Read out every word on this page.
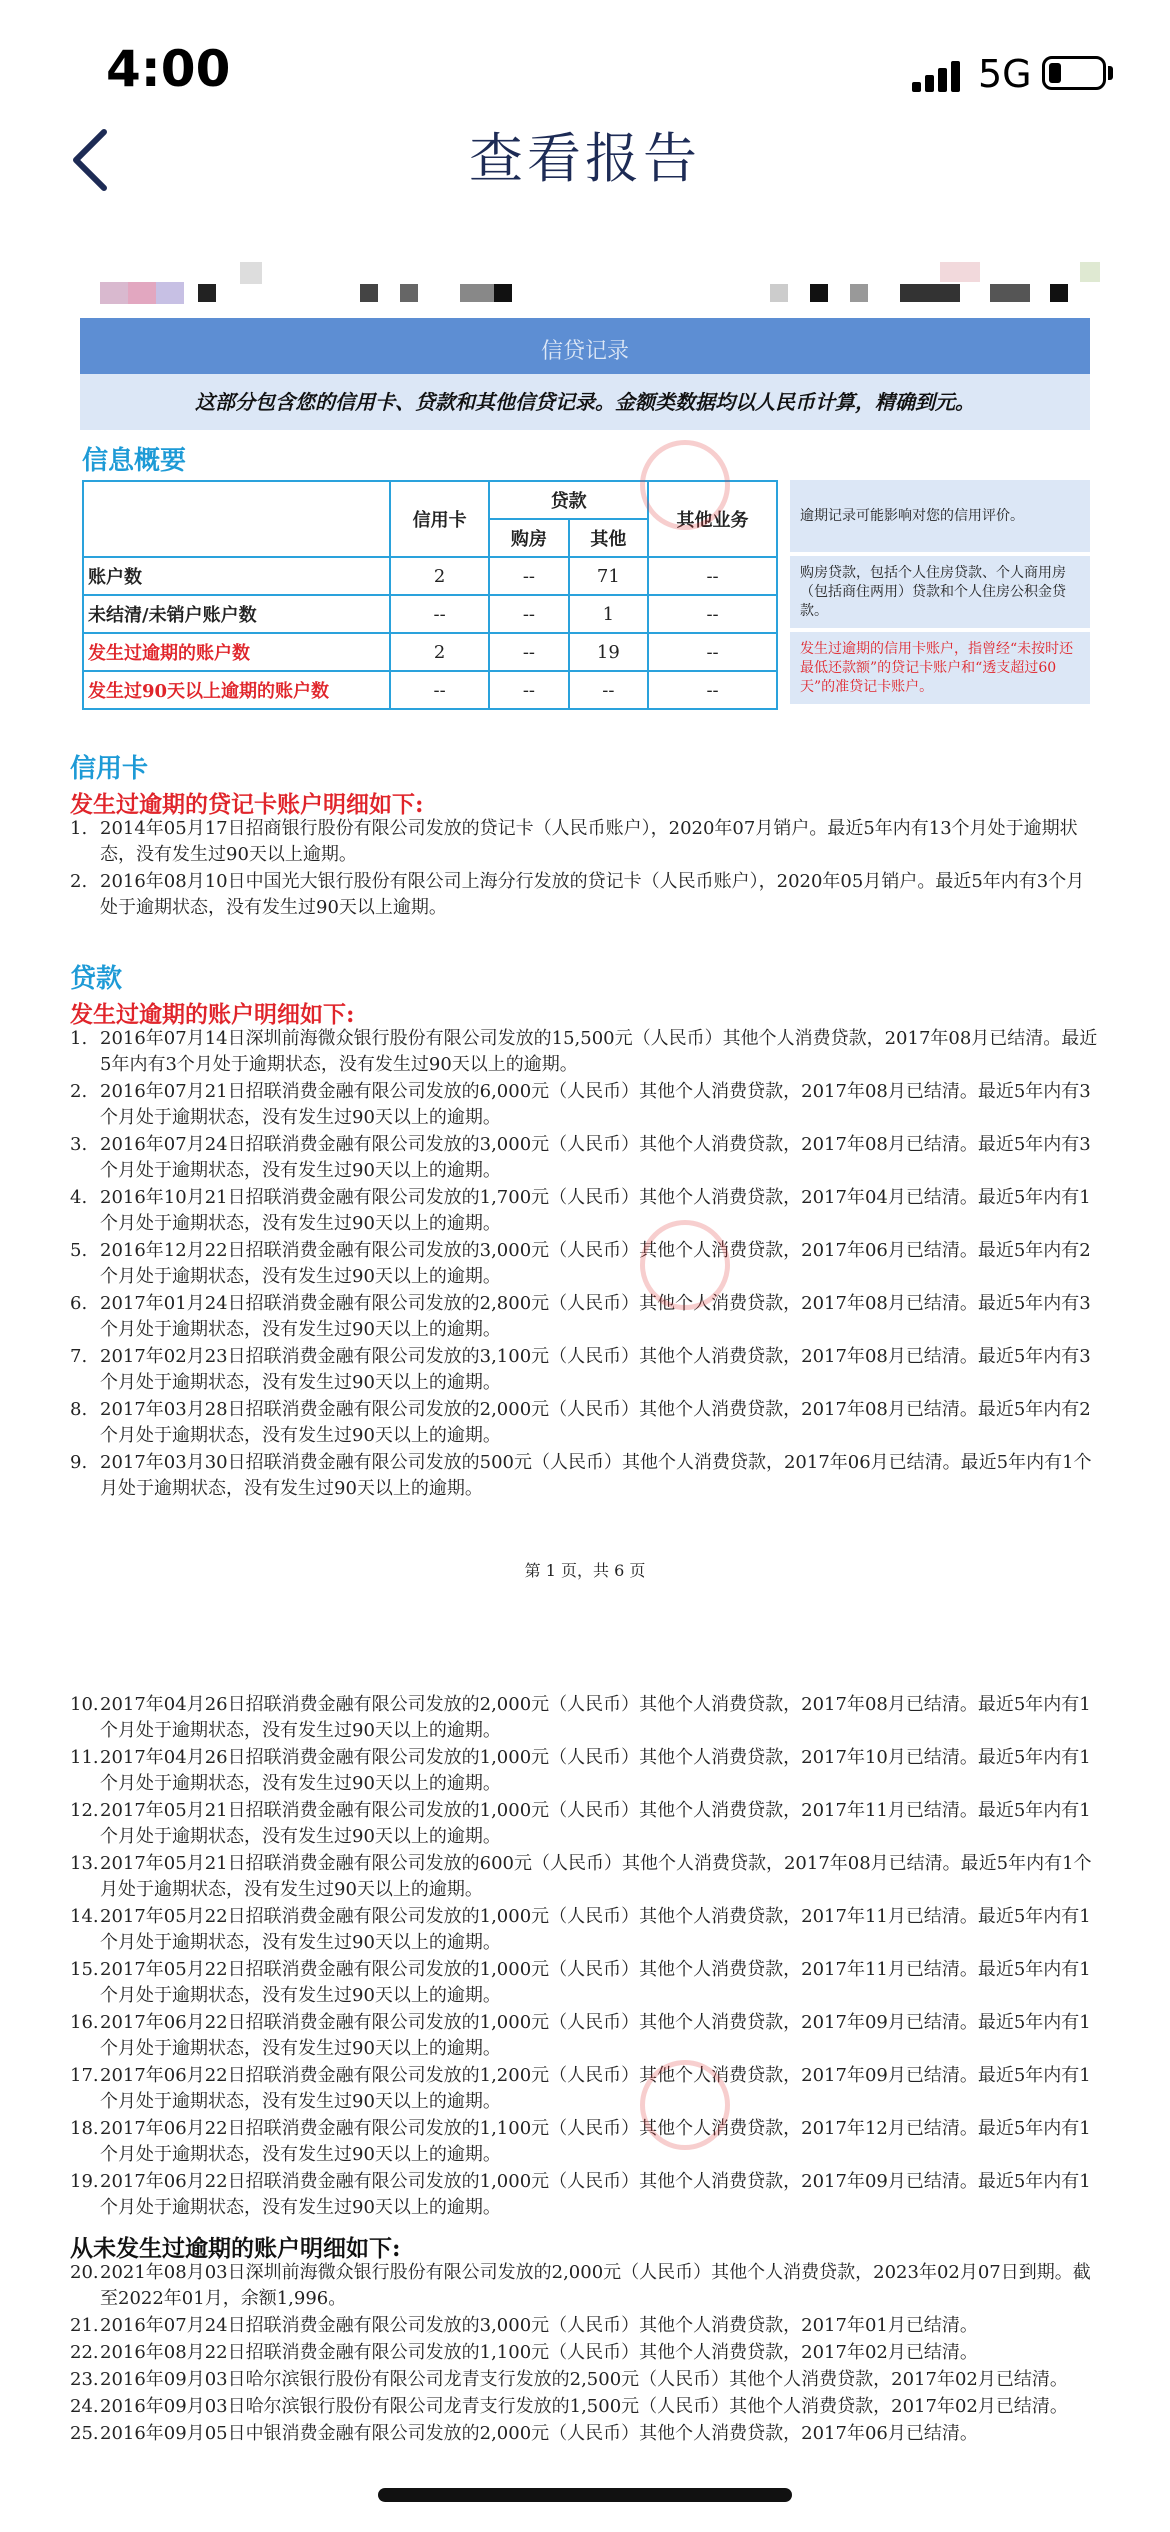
4:00	5G
查看报告
信贷记录
这部分包含您的信用卡、贷款和其他信贷记录。金额类数据均以人民币计算，精确到元。
信息概要
	信用卡	贷款		其他业务
		购房	其他	
账户数	2	--	71	--
未结清/未销户账户数	--	--	1	--
发生过逾期的账户数	2	--	19	--
发生过90天以上逾期的账户数	--	--	--	--
逾期记录可能影响对您的信用评价。
购房贷款，包括个人住房贷款、个人商用房（包括商住两用）贷款和个人住房公积金贷款。
发生过逾期的信用卡账户，指曾经“未按时还最低还款额”的贷记卡账户和“透支超过60天”的准贷记卡账户。
信用卡
发生过逾期的贷记卡账户明细如下:
1. 2014年05月17日招商银行股份有限公司发放的贷记卡（人民币账户），2020年07月销户。最近5年内有13个月处于逾期状态，没有发生过90天以上逾期。
2. 2016年08月10日中国光大银行股份有限公司上海分行发放的贷记卡（人民币账户），2020年05月销户。最近5年内有3个月处于逾期状态，没有发生过90天以上逾期。
贷款
发生过逾期的账户明细如下:
1. 2016年07月14日深圳前海微众银行股份有限公司发放的15,500元（人民币）其他个人消费贷款，2017年08月已结清。最近5年内有3个月处于逾期状态，没有发生过90天以上的逾期。
2. 2016年07月21日招联消费金融有限公司发放的6,000元（人民币）其他个人消费贷款，2017年08月已结清。最近5年内有3个月处于逾期状态，没有发生过90天以上的逾期。
3. 2016年07月24日招联消费金融有限公司发放的3,000元（人民币）其他个人消费贷款，2017年08月已结清。最近5年内有3个月处于逾期状态，没有发生过90天以上的逾期。
4. 2016年10月21日招联消费金融有限公司发放的1,700元（人民币）其他个人消费贷款，2017年04月已结清。最近5年内有1个月处于逾期状态，没有发生过90天以上的逾期。
5. 2016年12月22日招联消费金融有限公司发放的3,000元（人民币）其他个人消费贷款，2017年06月已结清。最近5年内有2个月处于逾期状态，没有发生过90天以上的逾期。
6. 2017年01月24日招联消费金融有限公司发放的2,800元（人民币）其他个人消费贷款，2017年08月已结清。最近5年内有3个月处于逾期状态，没有发生过90天以上的逾期。
7. 2017年02月23日招联消费金融有限公司发放的3,100元（人民币）其他个人消费贷款，2017年08月已结清。最近5年内有3个月处于逾期状态，没有发生过90天以上的逾期。
8. 2017年03月28日招联消费金融有限公司发放的2,000元（人民币）其他个人消费贷款，2017年08月已结清。最近5年内有2个月处于逾期状态，没有发生过90天以上的逾期。
9. 2017年03月30日招联消费金融有限公司发放的500元（人民币）其他个人消费贷款，2017年06月已结清。最近5年内有1个月处于逾期状态，没有发生过90天以上的逾期。
第 1 页，共 6 页
10. 2017年04月26日招联消费金融有限公司发放的2,000元（人民币）其他个人消费贷款，2017年08月已结清。最近5年内有1个月处于逾期状态，没有发生过90天以上的逾期。
11. 2017年04月26日招联消费金融有限公司发放的1,000元（人民币）其他个人消费贷款，2017年10月已结清。最近5年内有1个月处于逾期状态，没有发生过90天以上的逾期。
12. 2017年05月21日招联消费金融有限公司发放的1,000元（人民币）其他个人消费贷款，2017年11月已结清。最近5年内有1个月处于逾期状态，没有发生过90天以上的逾期。
13. 2017年05月21日招联消费金融有限公司发放的600元（人民币）其他个人消费贷款，2017年08月已结清。最近5年内有1个月处于逾期状态，没有发生过90天以上的逾期。
14. 2017年05月22日招联消费金融有限公司发放的1,000元（人民币）其他个人消费贷款，2017年11月已结清。最近5年内有1个月处于逾期状态，没有发生过90天以上的逾期。
15. 2017年05月22日招联消费金融有限公司发放的1,000元（人民币）其他个人消费贷款，2017年11月已结清。最近5年内有1个月处于逾期状态，没有发生过90天以上的逾期。
16. 2017年06月22日招联消费金融有限公司发放的1,000元（人民币）其他个人消费贷款，2017年09月已结清。最近5年内有1个月处于逾期状态，没有发生过90天以上的逾期。
17. 2017年06月22日招联消费金融有限公司发放的1,200元（人民币）其他个人消费贷款，2017年09月已结清。最近5年内有1个月处于逾期状态，没有发生过90天以上的逾期。
18. 2017年06月22日招联消费金融有限公司发放的1,100元（人民币）其他个人消费贷款，2017年12月已结清。最近5年内有1个月处于逾期状态，没有发生过90天以上的逾期。
19. 2017年06月22日招联消费金融有限公司发放的1,000元（人民币）其他个人消费贷款，2017年09月已结清。最近5年内有1个月处于逾期状态，没有发生过90天以上的逾期。
从未发生过逾期的账户明细如下:
20. 2021年08月03日深圳前海微众银行股份有限公司发放的2,000元（人民币）其他个人消费贷款，2023年02月07日到期。截至2022年01月，余额1,996。
21. 2016年07月24日招联消费金融有限公司发放的3,000元（人民币）其他个人消费贷款，2017年01月已结清。
22. 2016年08月22日招联消费金融有限公司发放的1,100元（人民币）其他个人消费贷款，2017年02月已结清。
23. 2016年09月03日哈尔滨银行股份有限公司龙青支行发放的2,500元（人民币）其他个人消费贷款，2017年02月已结清。
24. 2016年09月03日哈尔滨银行股份有限公司龙青支行发放的1,500元（人民币）其他个人消费贷款，2017年02月已结清。
25. 2016年09月05日中银消费金融有限公司发放的2,000元（人民币）其他个人消费贷款，2017年06月已结清。
